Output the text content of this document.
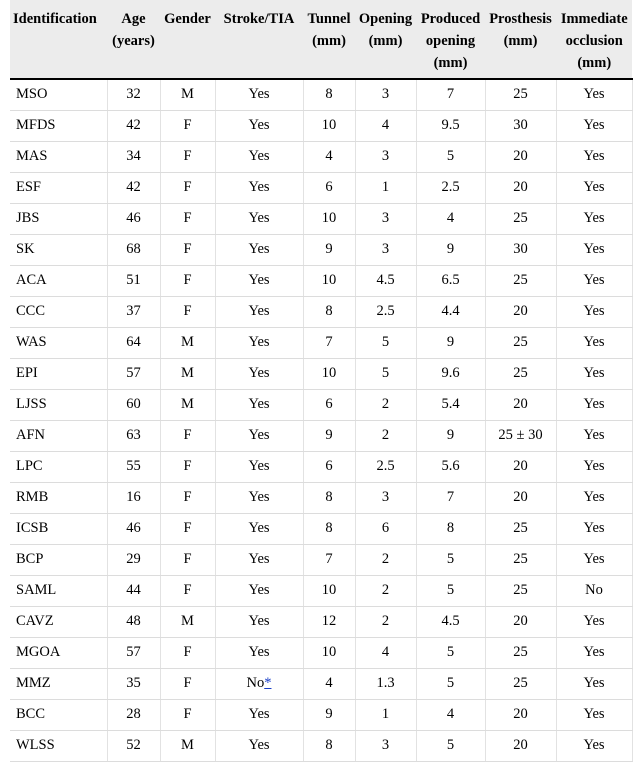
Identification	Age (years)	Gender	Stroke/TIA	Tunnel (mm)	Opening (mm)	Produced opening (mm)	Prosthesis (mm)	Immediate occlusion (mm)
MSO	32	M	Yes	8	3	7	25	Yes
MFDS	42	F	Yes	10	4	9.5	30	Yes
MAS	34	F	Yes	4	3	5	20	Yes
ESF	42	F	Yes	6	1	2.5	20	Yes
JBS	46	F	Yes	10	3	4	25	Yes
SK	68	F	Yes	9	3	9	30	Yes
ACA	51	F	Yes	10	4.5	6.5	25	Yes
CCC	37	F	Yes	8	2.5	4.4	20	Yes
WAS	64	M	Yes	7	5	9	25	Yes
EPI	57	M	Yes	10	5	9.6	25	Yes
LJSS	60	M	Yes	6	2	5.4	20	Yes
AFN	63	F	Yes	9	2	9	25 ± 30	Yes
LPC	55	F	Yes	6	2.5	5.6	20	Yes
RMB	16	F	Yes	8	3	7	20	Yes
ICSB	46	F	Yes	8	6	8	25	Yes
BCP	29	F	Yes	7	2	5	25	Yes
SAML	44	F	Yes	10	2	5	25	No
CAVZ	48	M	Yes	12	2	4.5	20	Yes
MGOA	57	F	Yes	10	4	5	25	Yes
MMZ	35	F	No*	4	1.3	5	25	Yes
BCC	28	F	Yes	9	1	4	20	Yes
WLSS	52	M	Yes	8	3	5	20	Yes
